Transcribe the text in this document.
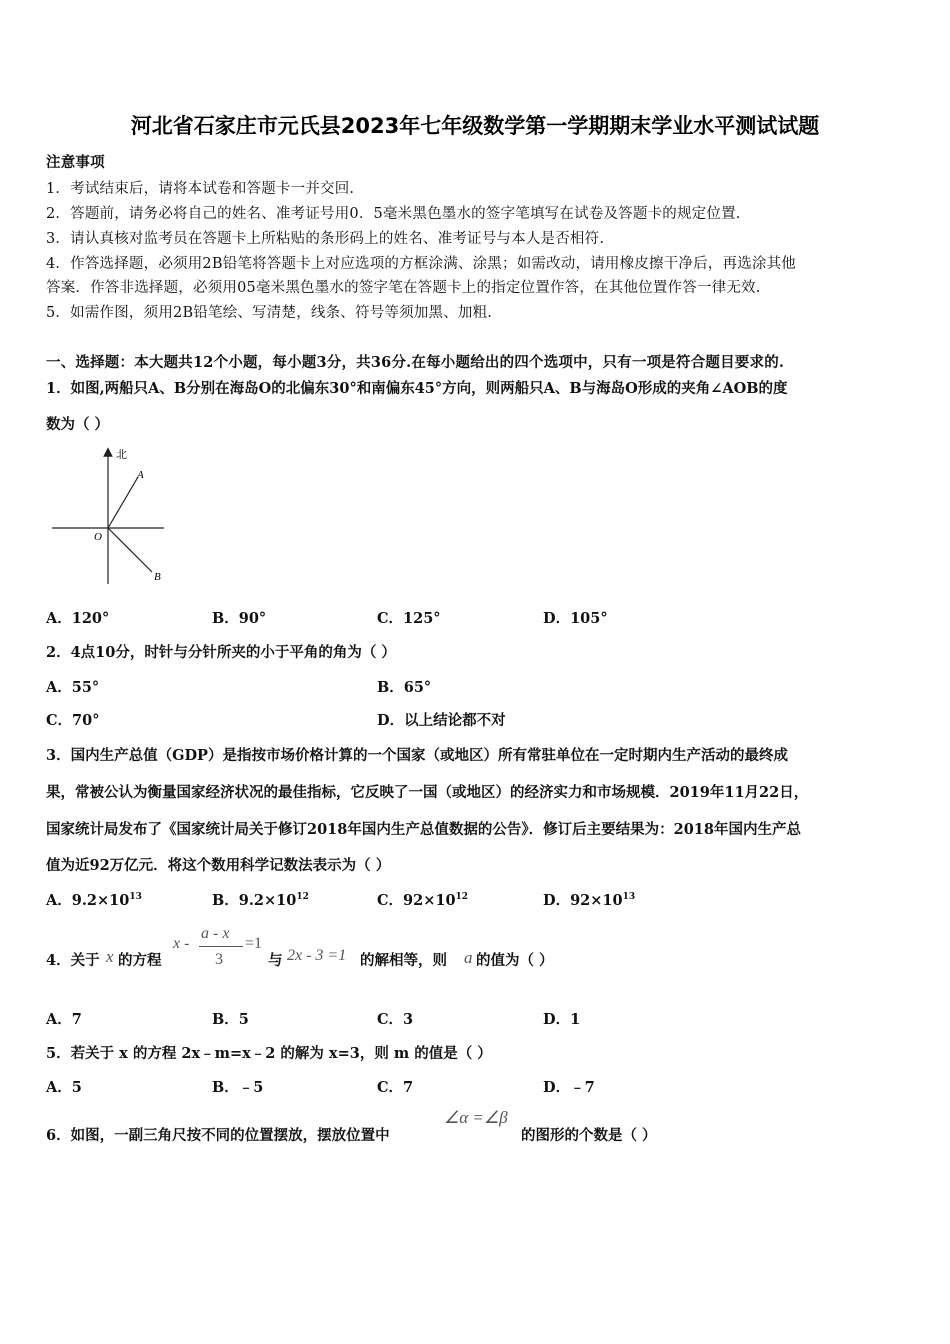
河北省石家庄市元氏县2023年七年级数学第一学期期末学业水平测试试题
注意事项
1．考试结束后，请将本试卷和答题卡一并交回.
2．答题前，请务必将自己的姓名、准考证号用0．5毫米黑色墨水的签字笔填写在试卷及答题卡的规定位置.
3．请认真核对监考员在答题卡上所粘贴的条形码上的姓名、准考证号与本人是否相符.
4．作答选择题，必须用2B铅笔将答题卡上对应选项的方框涂满、涂黑；如需改动，请用橡皮擦干净后，再选涂其他
答案．作答非选择题，必须用05毫米黑色墨水的签字笔在答题卡上的指定位置作答，在其他位置作答一律无效.
5．如需作图，须用2B铅笔绘、写清楚，线条、符号等须加黑、加粗.
一、选择题：本大题共12个小题，每小题3分，共36分.在每小题给出的四个选项中，只有一项是符合题目要求的.
1．如图,两船只A、B分别在海岛O的北偏东30°和南偏东45°方向，则两船只A、B与海岛O形成的夹角∠AOB的度
数为（ ）
北
A
O
B
A．120°	B．90°	C．125°	D．105°
2．4点10分，时针与分针所夹的小于平角的角为（ ）
A．55°	B．65°
C．70°	D．以上结论都不对
3．国内生产总值（GDP）是指按市场价格计算的一个国家（或地区）所有常驻单位在一定时期内生产活动的最终成
果，常被公认为衡量国家经济状况的最佳指标，它反映了一国（或地区）的经济实力和市场规模．2019年11月22日，
国家统计局发布了《国家统计局关于修订2018年国内生产总值数据的公告》．修订后主要结果为：2018年国内生产总
值为近92万亿元．将这个数用科学记数法表示为（ ）
A．$9.2\times 10^{13}$	B．$9.2\times 10^{12}$	C．$92\times 10^{12}$	D．$92\times 10^{13}$
4．关于 x 的方程
x -
a - x
3
=1
与 2x - 3 =1 的解相等，则 a 的值为（ ）
A．7	B．5	C．3	D．1
5．若关于 x 的方程 2x﹣m=x﹣2 的解为 x=3，则 m 的值是（ ）
A．5	B．﹣5	C．7	D．﹣7
6．如图，一副三角尺按不同的位置摆放，摆放位置中
∠α =∠β
的图形的个数是（ ）
